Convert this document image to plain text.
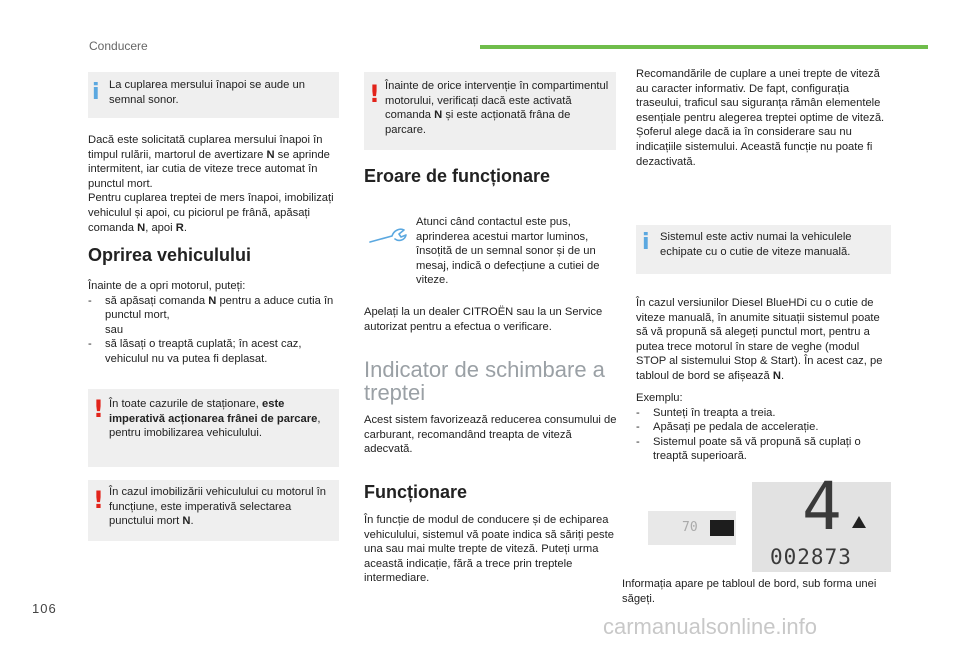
Conducere
i La cuplarea mersului înapoi se aude un semnal sonor.

Dacă este solicitată cuplarea mersului înapoi în timpul rulării, martorul de avertizare N se aprinde intermitent, iar cutia de viteze trece automat în punctul mort.

Pentru cuplarea treptei de mers înapoi, imobilizați vehiculul și apoi, cu piciorul pe frână, apăsați comanda N, apoi R.

Oprirea vehiculului

Înainte de a opri motorul, puteți:

-	să apăsați comanda N pentru a aduce cutia în punctul mort,
sau
-	să lăsați o treaptă cuplată; în acest caz, vehiculul nu va putea fi deplasat.
! În toate cazurile de staționare, este imperativă acționarea frânei de parcare, pentru imobilizarea vehiculului.

! În cazul imobilizării vehiculului cu motorul în funcțiune, este imperativă selectarea punctului mort N.

! Înainte de orice intervenție în compartimentul motorului, verificați dacă este activată comanda N și este acționată frâna de parcare.

Eroare de funcționare

Atunci când contactul este pus, aprinderea acestui martor luminos, însoțită de un semnal sonor și de un mesaj, indică o defecțiune a cutiei de viteze.

Apelați la un dealer CITROËN sau la un Service autorizat pentru a efectua o verificare.

Indicator de schimbare a treptei

Acest sistem favorizează reducerea consumului de carburant, recomandând treapta de viteză adecvată.

Funcționare

În funcție de modul de conducere și de echiparea vehiculului, sistemul vă poate indica să săriți peste una sau mai multe trepte de viteză. Puteți urma această indicație, fără a trece prin treptele intermediare.

Recomandările de cuplare a unei trepte de viteză au caracter informativ. De fapt, configurația traseului, traficul sau siguranța rămân elementele esențiale pentru alegerea treptei optime de viteză. Șoferul alege dacă ia în considerare sau nu indicațiile sistemului. Această funcție nu poate fi dezactivată.

i Sistemul este activ numai la vehiculele echipate cu o cutie de viteze manuală.

În cazul versiunilor Diesel BlueHDi cu o cutie de viteze manuală, în anumite situații sistemul poate să vă propună să alegeți punctul mort, pentru a putea trece motorul în stare de veghe (modul STOP al sistemului Stop & Start). În acest caz, pe tabloul de bord se afișează N.

Exemplu:

-	Sunteți în treapta a treia.
-	Apăsați pe pedala de accelerație.
-	Sistemul poate să vă propună să cuplați o treaptă superioară.
70 4
002873

Informația apare pe tabloul de bord, sub forma unei săgeți.

106
carmanualsonline.info
